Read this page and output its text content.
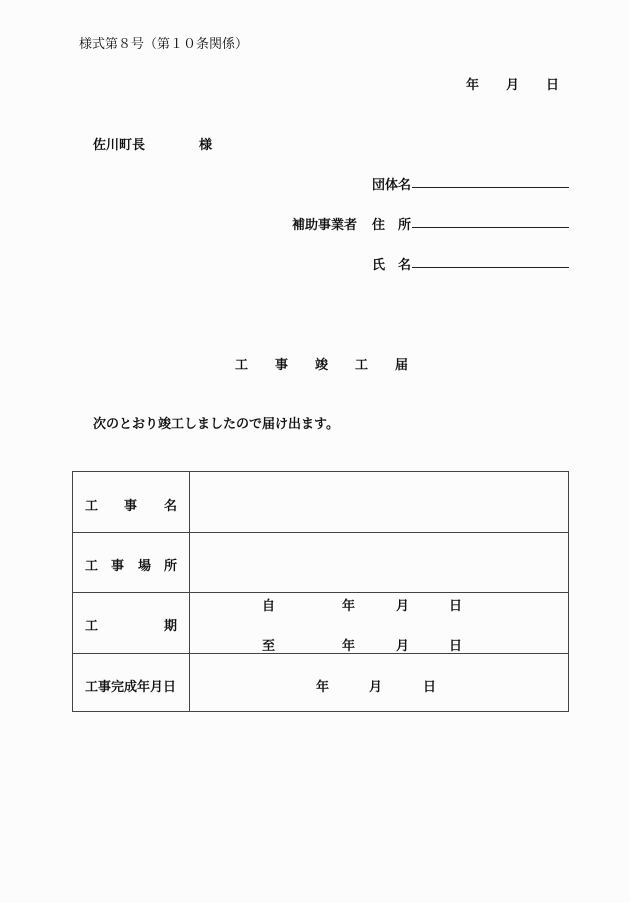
様式第８号（第１０条関係）
年 月 日
佐川町長	様
団体名
補助事業者 住 所
氏 名
工 事 竣 工 届
次のとおり竣工しましたので届け出ます。
工 事 名
工 事 場 所
工	期
自	年	月	日
至	年	月	日
工事完成年月日	年	月	日
